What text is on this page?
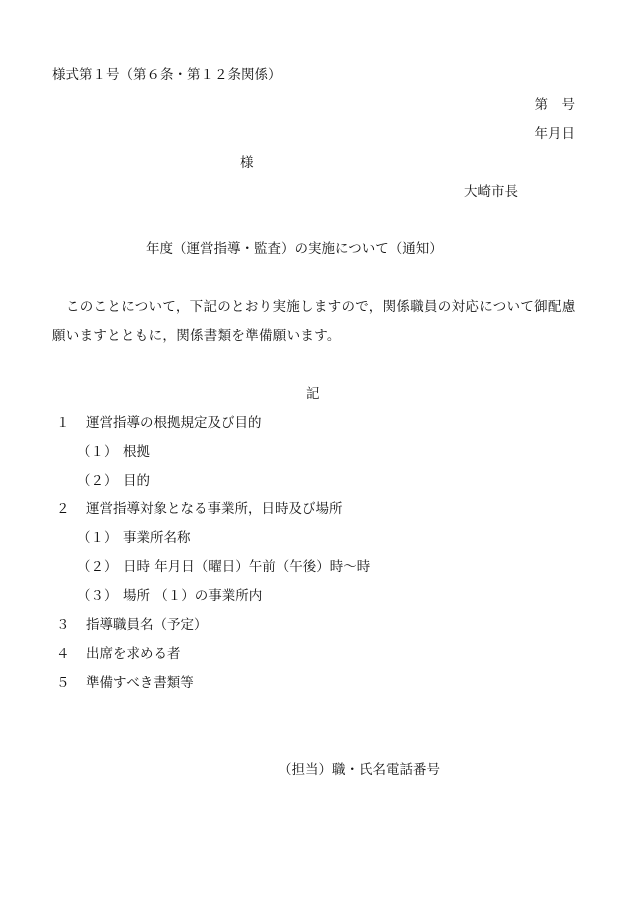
様式第１号（第６条・第１２条関係）
第　号
年月日
様
大崎市長
年度（運営指導・監査）の実施について（通知）
このことについて，下記のとおり実施しますので，関係職員の対応について御配慮願いますとともに，関係書類を準備願います。
記
１ 運営指導の根拠規定及び目的
（１） 根拠
（２） 目的
２ 運営指導対象となる事業所，日時及び場所
（１） 事業所名称
（２） 日時 年月日（曜日）午前（午後）時～時
（３） 場所 （１）の事業所内
３ 指導職員名（予定）
４ 出席を求める者
５ 準備すべき書類等
（担当）職・氏名電話番号
